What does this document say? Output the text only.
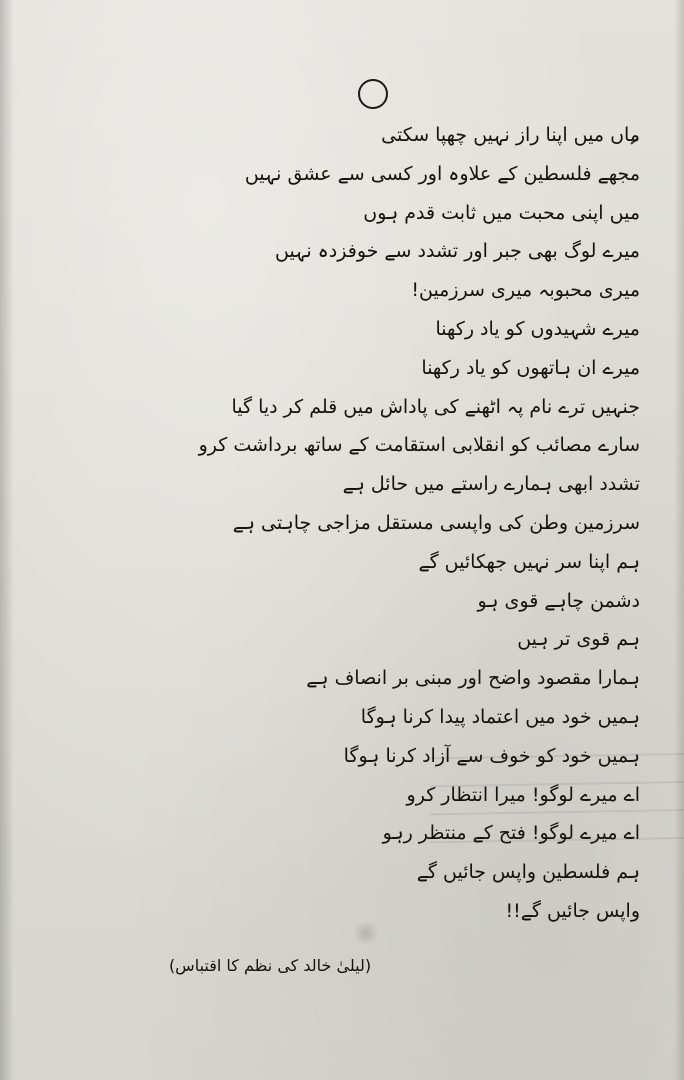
ماں میں اپنا راز نہیں چھپا سکتی
مجھے فلسطین کے علاوہ اور کسی سے عشق نہیں
میں اپنی محبت میں ثابت قدم ہوں
میرے لوگ بھی جبر اور تشدد سے خوفزدہ نہیں
میری محبوبہ میری سرزمین!
میرے شہیدوں کو یاد رکھنا
میرے ان ہاتھوں کو یاد رکھنا
جنہیں ترے نام پہ اٹھنے کی پاداش میں قلم کر دیا گیا
سارے مصائب کو انقلابی استقامت کے ساتھ برداشت کرو
تشدد ابھی ہمارے راستے میں حائل ہے
سرزمین وطن کی واپسی مستقل مزاجی چاہتی ہے
ہم اپنا سر نہیں جھکائیں گے
دشمن چاہے قوی ہو
ہم قوی تر ہیں
ہمارا مقصود واضح اور مبنی بر انصاف ہے
ہمیں خود میں اعتماد پیدا کرنا ہوگا
ہمیں خود کو خوف سے آزاد کرنا ہوگا
اے میرے لوگو! میرا انتظار کرو
اے میرے لوگو! فتح کے منتظر رہو
ہم فلسطین واپس جائیں گے
واپس جائیں گے!!
(لیلیٰ خالد کی نظم کا اقتباس)
